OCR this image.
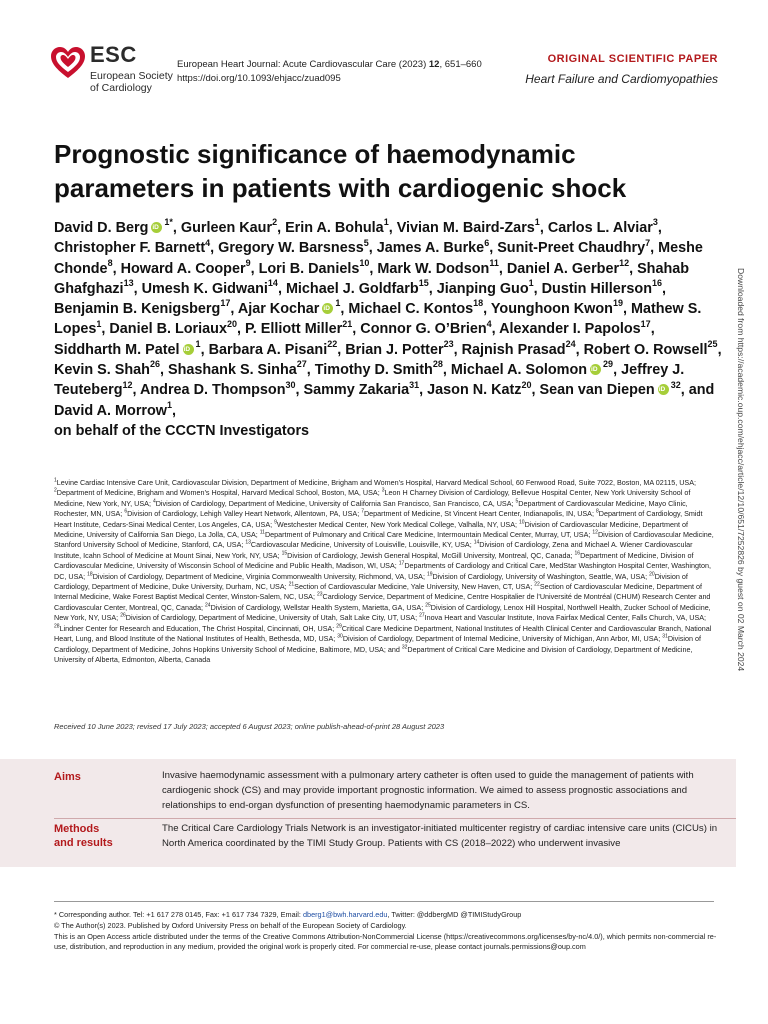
ESC
European Society
of Cardiology
European Heart Journal: Acute Cardiovascular Care (2023) 12, 651–660
https://doi.org/10.1093/ehjacc/zuad095
ORIGINAL SCIENTIFIC PAPER
Heart Failure and Cardiomyopathies
Prognostic significance of haemodynamic
parameters in patients with cardiogenic shock
David D. Berg iD $^{1*}$, Gurleen Kaur$^2$, Erin A. Bohula$^1$, Vivian M. Baird-Zars$^1$, Carlos L. Alviar$^3$, Christopher F. Barnett$^4$, Gregory W. Barsness$^5$, James A. Burke$^6$, Sunit-Preet Chaudhry$^7$, Meshe Chonde$^8$, Howard A. Cooper$^9$, Lori B. Daniels$^{10}$, Mark W. Dodson$^{11}$, Daniel A. Gerber$^{12}$, Shahab Ghafghazi$^{13}$, Umesh K. Gidwani$^{14}$, Michael J. Goldfarb$^{15}$, Jianping Guo$^1$, Dustin Hillerson$^{16}$, Benjamin B. Kenigsberg$^{17}$, Ajar Kochar iD $^1$, Michael C. Kontos$^{18}$, Younghoon Kwon$^{19}$, Mathew S. Lopes$^1$, Daniel B. Loriaux$^{20}$, P. Elliott Miller$^{21}$, Connor G. O’Brien$^4$, Alexander I. Papolos$^{17}$, Siddharth M. Patel iD $^1$, Barbara A. Pisani$^{22}$, Brian J. Potter$^{23}$, Rajnish Prasad$^{24}$, Robert O. Rowsell$^{25}$, Kevin S. Shah$^{26}$, Shashank S. Sinha$^{27}$, Timothy D. Smith$^{28}$, Michael A. Solomon iD $^{29}$, Jeffrey J. Teuteberg$^{12}$, Andrea D. Thompson$^{30}$, Sammy Zakaria$^{31}$, Jason N. Katz$^{20}$, Sean van Diepen iD $^{32}$, and David A. Morrow$^1$,
on behalf of the CCCTN Investigators
$^1$Levine Cardiac Intensive Care Unit, Cardiovascular Division, Department of Medicine, Brigham and Women’s Hospital, Harvard Medical School, 60 Fenwood Road, Suite 7022, Boston, MA 02115, USA; $^2$Department of Medicine, Brigham and Women’s Hospital, Harvard Medical School, Boston, MA, USA; $^3$Leon H Charney Division of Cardiology, Bellevue Hospital Center, New York University School of Medicine, New York, NY, USA; $^4$Division of Cardiology, Department of Medicine, University of California San Francisco, San Francisco, CA, USA; $^5$Department of Cardiovascular Medicine, Mayo Clinic, Rochester, MN, USA; $^6$Division of Cardiology, Lehigh Valley Heart Network, Allentown, PA, USA; $^7$Department of Medicine, St Vincent Heart Center, Indianapolis, IN, USA; $^8$Department of Cardiology, Smidt Heart Institute, Cedars-Sinai Medical Center, Los Angeles, CA, USA; $^9$Westchester Medical Center, New York Medical College, Valhalla, NY, USA; $^{10}$Division of Cardiovascular Medicine, Department of Medicine, University of California San Diego, La Jolla, CA, USA; $^{11}$Department of Pulmonary and Critical Care Medicine, Intermountain Medical Center, Murray, UT, USA; $^{12}$Division of Cardiovascular Medicine, Stanford University School of Medicine, Stanford, CA, USA; $^{13}$Cardiovascular Medicine, University of Louisville, Louisville, KY, USA; $^{14}$Division of Cardiology, Zena and Michael A. Wiener Cardiovascular Institute, Icahn School of Medicine at Mount Sinai, New York, NY, USA; $^{15}$Division of Cardiology, Jewish General Hospital, McGill University, Montreal, QC, Canada; $^{16}$Department of Medicine, Division of Cardiovascular Medicine, University of Wisconsin School of Medicine and Public Health, Madison, WI, USA; $^{17}$Departments of Cardiology and Critical Care, MedStar Washington Hospital Center, Washington, DC, USA; $^{18}$Division of Cardiology, Department of Medicine, Virginia Commonwealth University, Richmond, VA, USA; $^{19}$Division of Cardiology, University of Washington, Seattle, WA, USA; $^{20}$Division of Cardiology, Department of Medicine, Duke University, Durham, NC, USA; $^{21}$Section of Cardiovascular Medicine, Yale University, New Haven, CT, USA; $^{22}$Section of Cardiovascular Medicine, Department of Internal Medicine, Wake Forest Baptist Medical Center, Winston-Salem, NC, USA; $^{23}$Cardiology Service, Department of Medicine, Centre Hospitalier de l’Université de Montréal (CHUM) Research Center and Cardiovascular Center, Montreal, QC, Canada; $^{24}$Division of Cardiology, Wellstar Health System, Marietta, GA, USA; $^{25}$Division of Cardiology, Lenox Hill Hospital, Northwell Health, Zucker School of Medicine, New York, NY, USA; $^{26}$Division of Cardiology, Department of Medicine, University of Utah, Salt Lake City, UT, USA; $^{27}$Inova Heart and Vascular Institute, Inova Fairfax Medical Center, Falls Church, VA, USA; $^{28}$Lindner Center for Research and Education, The Christ Hospital, Cincinnati, OH, USA; $^{29}$Critical Care Medicine Department, National Institutes of Health Clinical Center and Cardiovascular Branch, National Heart, Lung, and Blood Institute of the National Institutes of Health, Bethesda, MD, USA; $^{30}$Division of Cardiology, Department of Internal Medicine, University of Michigan, Ann Arbor, MI, USA; $^{31}$Division of Cardiology, Department of Medicine, Johns Hopkins University School of Medicine, Baltimore, MD, USA; and $^{32}$Department of Critical Care Medicine and Division of Cardiology, Department of Medicine, University of Alberta, Edmonton, Alberta, Canada
Received 10 June 2023; revised 17 July 2023; accepted 6 August 2023; online publish-ahead-of-print 28 August 2023
Downloaded from https://academic.oup.com/ehjacc/article/12/10/651/7252826 by guest on 02 March 2024
Aims	Invasive haemodynamic assessment with a pulmonary artery catheter is often used to guide the management of patients with cardiogenic shock (CS) and may provide important prognostic information. We aimed to assess prognostic associations and relationships to end-organ dysfunction of presenting haemodynamic parameters in CS.
Methods
and results
The Critical Care Cardiology Trials Network is an investigator-initiated multicenter registry of cardiac intensive care units (CICUs) in North America coordinated by the TIMI Study Group. Patients with CS (2018–2022) who underwent invasive
* Corresponding author. Tel: +1 617 278 0145, Fax: +1 617 734 7329, Email: dberg1@bwh.harvard.edu, Twitter: @ddbergMD @TIMIStudyGroup
© The Author(s) 2023. Published by Oxford University Press on behalf of the European Society of Cardiology.
This is an Open Access article distributed under the terms of the Creative Commons Attribution-NonCommercial License (https://creativecommons.org/licenses/by-nc/4.0/), which permits non-commercial re-use, distribution, and reproduction in any medium, provided the original work is properly cited. For commercial re-use, please contact journals.permissions@oup.com
